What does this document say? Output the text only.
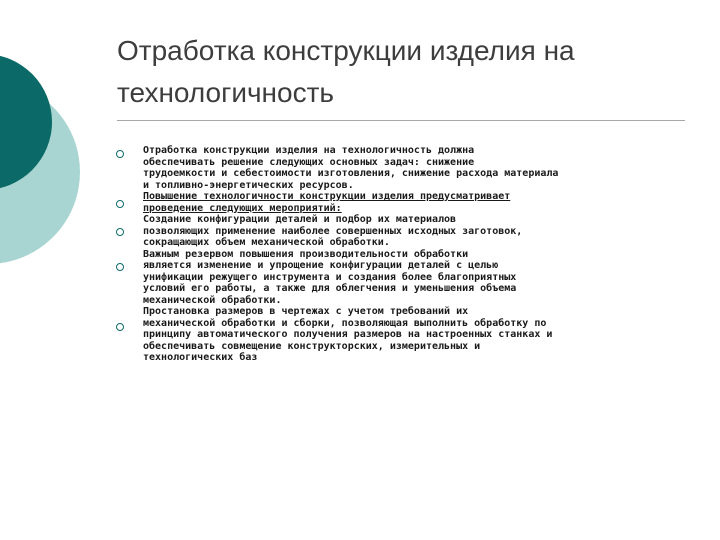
Отработка конструкции изделия на технологичность
Отработка конструкции изделия на технологичность должна
обеспечивать решение следующих основных задач: снижение
трудоемкости и себестоимости изготовления, снижение расхода материала
и топливно-энергетических ресурсов.
Повышение технологичности конструкции изделия предусматривает
проведение следующих мероприятий:
Создание конфигурации деталей и подбор их материалов
позволяющих применение наиболее совершенных исходных заготовок,
сокращающих объем механической обработки.
Важным резервом повышения производительности обработки
является изменение и упрощение конфигурации деталей с целью
унификации режущего инструмента и создания более благоприятных
условий его работы, а также для облегчения и уменьшения объема
механической обработки.
Простановка размеров в чертежах с учетом требований их
механической обработки и сборки, позволяющая выполнить обработку по
принципу автоматического получения размеров на настроенных станках и
обеспечивать совмещение конструкторских, измерительных и
технологических баз
